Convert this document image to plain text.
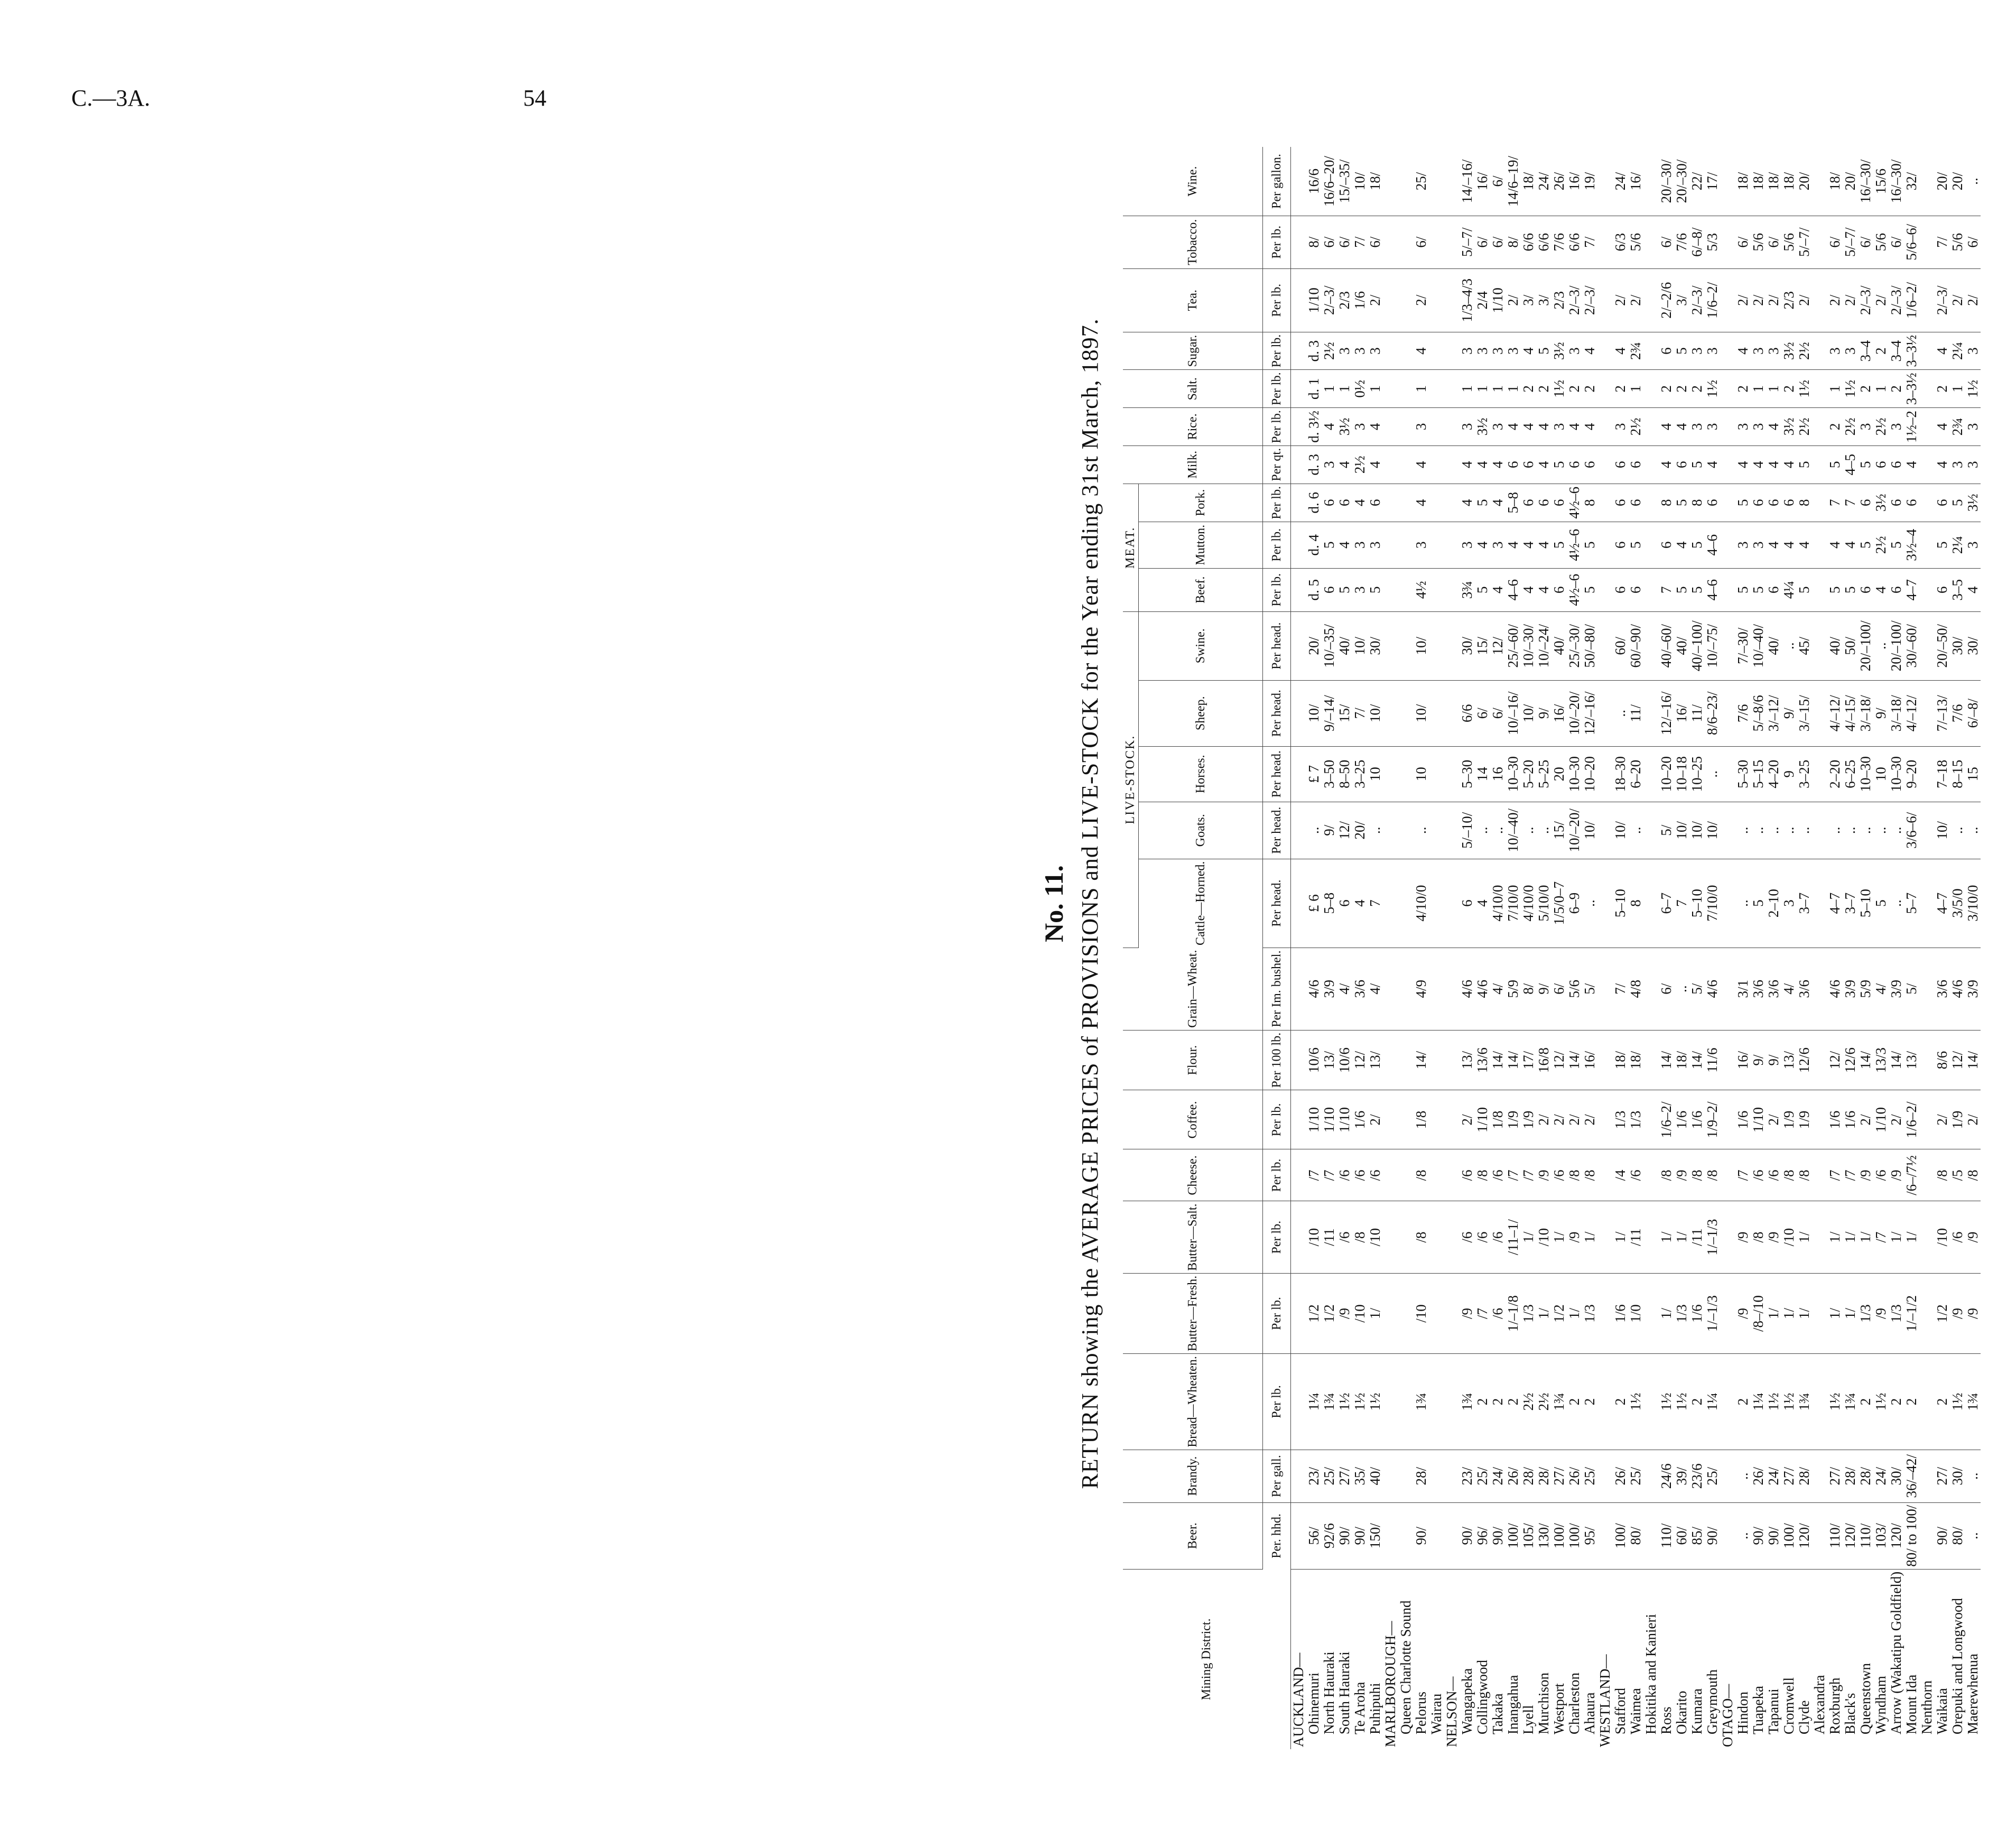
C.—3A.	54
No. 11. RETURN showing the AVERAGE PRICES of PROVISIONS and LIVE-STOCK for the Year ending 31st March, 1897.
Mining District.	Beer.	Brandy.	Bread—Wheaten.	Butter—Fresh.	Butter—Salt.	Cheese.	Coffee.	Flour.	Grain—Wheat.	LIVE-STOCK.					MEAT.			Milk.	Rice.	Salt.	Sugar.	Tea.	Tobacco.	Wine.
										Cattle—Horned.	Goats.	Horses.	Sheep.	Swine.	Beef.	Mutton.	Pork.							
	Per. hhd.	Per gall.	Per lb.	Per lb.	Per lb.	Per lb.	Per lb.	Per 100 lb.	Per Im. bushel.	Per head.	Per head.	Per head.	Per head.	Per head.	Per lb.	Per lb.	Per lb.	Per qt.	Per lb.	Per lb.	Per lb.	Per lb.	Per lb.	Per gallon.
AUCKLAND—																								
Ohinemuri	56/	23/	1¼	1/2	/10	/7	1/10	10/6	4/6	£ 6	..	£ 7	10/	20/	d. 5	d. 4	d. 6	d. 3	d. 3½	d. 1	d. 3	1/10	8/	16/6
North Hauraki	92/6	25/	1¾	1/2	/11	/7	1/10	13/	3/9	5–8	9/	3–50	9/–14/	10/–35/	6	5	6	3	4	1	2½	2/–3/	6/	16/6–20/
South Hauraki	90/	27/	1½	/9	/6	/6	1/10	10/6	4/	6	12/	8–50	15/	40/	5	4	6	4	3½	1	3	2/3	6/	15/–35/
Te Aroha	90/	35/	1½	/10	/8	/6	1/6	12/	3/6	4	20/	3–25	7/	10/	3	3	4	2½	3	0½	3	1/6	7/	10/
Puhipuhi	150/	40/	1½	1/	/10	/6	2/	13/	4/	7	..	10	10/	30/	5	3	6	4	4	1	3	2/	6/	18/
MARLBOROUGH—																								
Queen Charlotte Sound																								
Pelorus	90/	28/	1¾	/10	/8	/8	1/8	14/	4/9	4/10/0	..	10	10/	10/	4½	3	4	4	3	1	4	2/	6/	25/
Wairau																								
NELSON—																								
Wangapeka	90/	23/	1¾	/9	/6	/6	2/	13/	4/6	6	5/–10/	5–30	6/6	30/	3¾	3	4	4	3	1	3	1/3–4/3	5/–7/	14/–16/
Collingwood	96/	25/	2	/7	/6	/8	1/10	13/6	4/6	4	..	14	6/	15/	5	4	5	4	3½	1	3	2/4	6/	16/
Takaka	90/	24/	2	/6	/6	/6	1/8	14/	4/	4/10/0	..	16	6/	12/	4	3	4	4	3	1	3	1/10	6/	6/
Inangahua	100/	26/	2	1/–1/8	/11–1/	/7	1/9	14/	5/9	7/10/0	10/–40/	10–30	10/–16/	25/–60/	4–6	4	5–8	6	4	1	3	2/	8/	14/6–19/
Lyell	105/	28/	2½	1/3	1/	/7	1/9	17/	8/	4/10/0	..	5–20	10/	10/–30/	4	4	6	6	4	2	4	3/	6/6	18/
Murchison	130/	28/	2½	1/	/10	/9	2/	16/8	9/	5/10/0	..	5–25	9/	10/–24/	4	4	6	4	4	2	5	3/	6/6	24/
Westport	100/	27/	1¾	1/2	1/	/6	2/	12/	6/	1/5/0–7	15/	20	16/	40/	6	5	6	5	3	1½	3½	2/3	7/6	26/
Charleston	100/	26/	2	1/	/9	/8	2/	14/	5/6	6–9	10/–20/	10–30	10/–20/	25/–30/	4½–6	4½–6	4½–6	6	4	2	3	2/–3/	6/6	16/
Ahaura	95/	25/	2	1/3	1/	/8	2/	16/	5/	..	10/	10–20	12/–16/	50/–80/	5	5	8	6	4	2	4	2/–3/	7/	19/
WESTLAND—																								
Stafford	100/	26/	2	1/6	1/	/4	1/3	18/	7/	5–10	10/	18–30	..	60/	6	6	6	6	3	2	4	2/	6/3	24/
Waimea	80/	25/	1½	1/0	/11	/6	1/3	18/	4/8	8	..	6–20	11/	60/–90/	6	5	6	6	2½	1	2¾	2/	5/6	16/
Hokitika and Kanieri																								
Ross	110/	24/6	1½	1/	1/	/8	1/6–2/	14/	6/	6–7	5/	10–20	12/–16/	40/–60/	7	6	8	4	4	2	6	2/–2/6	6/	20/–30/
Okarito	60/	39/	1½	1/3	1/	/9	1/6	18/	..	7	10/	10–18	16/	40/	5	4	5	6	4	2	5	3/	7/6	20/–30/
Kumara	85/	23/6	2	1/6	/11	/8	1/6	14/	5/	5–10	10/	10–25	11/	40/–100/	5	5	8	5	3	2	3	2/–3/	6/–8/	22/
Greymouth	90/	25/	1¼	1/–1/3	1/–1/3	/8	1/9–2/	11/6	4/6	7/10/0	10/	..	8/6–23/	10/–75/	4–6	4–6	6	4	3	1½	3	1/6–2/	5/3	17/
OTAGO—																								
Hindon	..	..	2	/9	/9	/7	1/6	16/	3/1	..	..	5–30	7/6	7/–30/	5	3	5	4	3	2	4	2/	6/	18/
Tuapeka	90/	26/	1¼	/8–/10	/8	/6	1/10	9/	3/6	5	..	5–15	5/–8/6	10/–40/	5	3	6	4	3	1	3	2/	5/6	18/
Tapanui	90/	24/	1½	1/	/9	/6	2/	9/	3/6	2–10	..	4–20	3/–12/	40/	6	4	6	4	4	1	3	2/	6/	18/
Cromwell	100/	27/	1½	1/	/10	/8	1/9	13/	4/	3	..	9	9/	..	4¼	4	6	4	3½	2	3½	2/3	5/6	18/
Clyde	120/	28/	1¾	1/	1/	/8	1/9	12/6	3/6	3–7	..	3–25	3/–15/	45/	5	4	8	5	2½	1½	2½	2/	5/–7/	20/
Alexandra																								
Roxburgh	110/	27/	1½	1/	1/	/7	1/6	12/	4/6	4–7	..	2–20	4/–12/	40/	5	4	7	5	2	1	3	2/	6/	18/
Black's	120/	28/	1¾	1/	1/	/7	1/6	12/6	3/9	3–7	..	6–25	4/–15/	50/	5	4	7	4–5	2½	1½	3	2/	5/–7/	20/
Queenstown	110/	28/	2	1/3	1/	/9	2/	14/	5/9	5–10	..	10–30	3/–18/	20/–100/	6	5	6	5	3	2	3–4	2/–3/	6/	16/–30/
Wyndham	103/	24/	1½	/9	/7	/6	1/10	13/3	4/	5	..	10	9/	..	4	2½	3½	6	2½	1	2	2/	5/6	15/6
Arrow (Wakatipu Goldfield)	120/	30/	2	1/3	1/	/9	2/	14/	3/9	..	..	10–30	3/–18/	20/–100/	6	5	6	6	3	2	3–4	2/–3/	6/	16/–30/
Mount Ida	80/ to 100/	36/–42/	2	1/–1/2	1/	/6–/7½	1/6–2/	13/	5/	5–7	3/6–6/	9–20	4/–12/	30/–60/	4–7	3½–4	6	4	1½–2	3–3½	3–3½	1/6–2/	5/6–6/	32/
Nenthorn																								
Waikaia	90/	27/	2	1/2	/10	/8	2/	8/6	3/6	4–7	10/	7–18	7/–13/	20/–50/	6	5	6	4	4	2	4	2/–3/	7/	20/
Orepuki and Longwood	80/	30/	1½	/9	/6	/5	1/9	12/	4/6	3/5/0	..	8–15	7/6	30/	3–5	2¼	5	3	2¾	1	2¼	2/	5/6	20/
Maerewhenua	..	..	1¾	/9	/9	/8	2/	14/	3/9	3/10/0	..	15	6/–8/	30/	4	3	3½	3	3	1½	3	2/	6/	..
